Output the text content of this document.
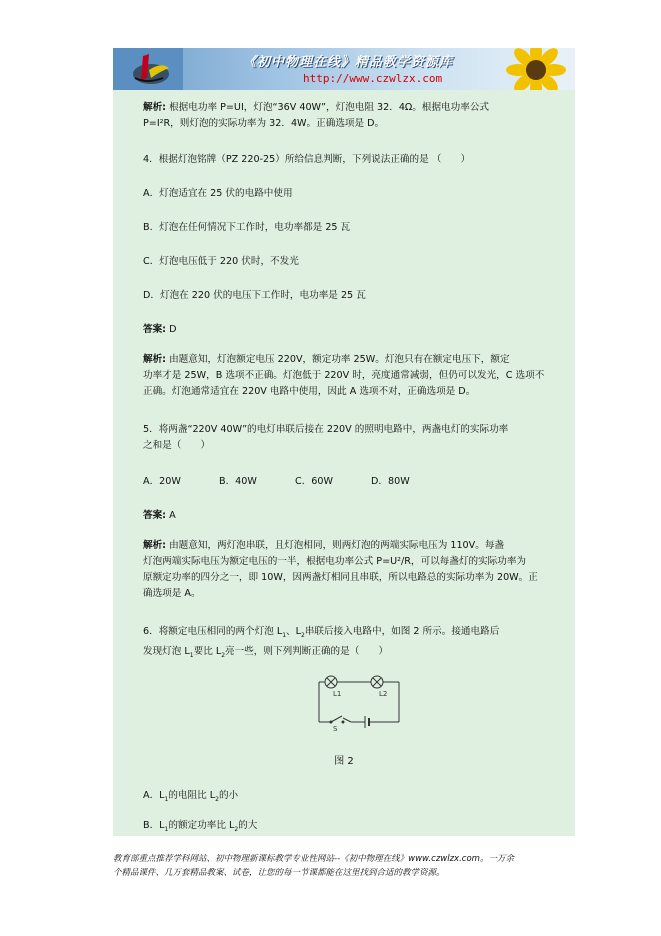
《初中物理在线》精品教学资源库
http://www.czwlzx.com
解析: 根据电功率 P=UI，灯泡“36V 40W”，灯泡电阻 32．4Ω。根据电功率公式
P=I²R，则灯泡的实际功率为 32．4W。正确选项是 D。
4．根据灯泡铭牌（PZ 220-25）所给信息判断，下列说法正确的是 （　　）
A．灯泡适宜在 25 伏的电路中使用
B．灯泡在任何情况下工作时，电功率都是 25 瓦
C．灯泡电压低于 220 伏时，不发光
D．灯泡在 220 伏的电压下工作时，电功率是 25 瓦
答案: D
解析: 由题意知，灯泡额定电压 220V，额定功率 25W。灯泡只有在额定电压下，额定
功率才是 25W，B 选项不正确。灯泡低于 220V 时，亮度通常减弱，但仍可以发光，C 选项不
正确。灯泡通常适宜在 220V 电路中使用，因此 A 选项不对，正确选项是 D。
5．将两盏“220V 40W”的电灯串联后接在 220V 的照明电路中，两盏电灯的实际功率
之和是（　　）
A．20W	B．40W	C．60W	D．80W
答案: A
解析: 由题意知，两灯泡串联，且灯泡相同，则两灯泡的两端实际电压为 110V。每盏
灯泡两端实际电压为额定电压的一半，根据电功率公式 P=U²/R，可以每盏灯的实际功率为
原额定功率的四分之一，即 10W，因两盏灯相同且串联，所以电路总的实际功率为 20W。正
确选项是 A。
6．将额定电压相同的两个灯泡 $L_1$、$L_2$串联后接入电路中，如图 2 所示。接通电路后
发现灯泡 $L_1$要比 $L_2$亮一些，则下列判断正确的是（　　）
L1	L2
S
图 2
A．$L_1$的电阻比 $L_2$的小
B．$L_1$的额定功率比 $L_2$的大
教育部重点推荐学科网站、初中物理新课标教学专业性网站--《初中物理在线》www.czwlzx.com。一万余
个精品课件、几万套精品教案、试卷，让您的每一节课都能在这里找到合适的教学资源。
